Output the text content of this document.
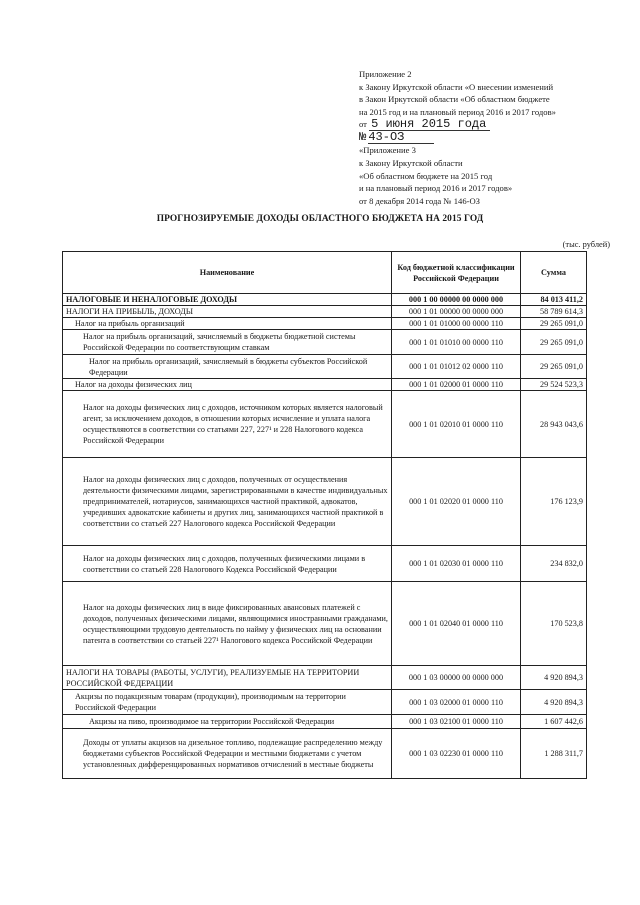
Приложение 2
к Закону Иркутской области «О внесении изменений
в Закон Иркутской области «Об областном бюджете
на 2015 год и на плановый период 2016 и 2017 годов»
от 5 июня 2015 года
№ 43-ОЗ
«Приложение 3
к Закону Иркутской области
«Об областном бюджете на 2015 год
и на плановый период 2016 и 2017 годов»
от 8 декабря 2014 года № 146-ОЗ
ПРОГНОЗИРУЕМЫЕ ДОХОДЫ ОБЛАСТНОГО БЮДЖЕТА НА 2015 ГОД
(тыс. рублей)
Наименование	Код бюджетной классификации Российской Федерации	Сумма
НАЛОГОВЫЕ И НЕНАЛОГОВЫЕ ДОХОДЫ	000 1 00 00000 00 0000 000	84 013 411,2
НАЛОГИ НА ПРИБЫЛЬ, ДОХОДЫ	000 1 01 00000 00 0000 000	58 789 614,3
Налог на прибыль организаций	000 1 01 01000 00 0000 110	29 265 091,0
Налог на прибыль организаций, зачисляемый в бюджеты бюджетной системы Российской Федерации по соответствующим ставкам	000 1 01 01010 00 0000 110	29 265 091,0
Налог на прибыль организаций, зачисляемый в бюджеты субъектов Российской Федерации	000 1 01 01012 02 0000 110	29 265 091,0
Налог на доходы физических лиц	000 1 01 02000 01 0000 110	29 524 523,3
Налог на доходы физических лиц с доходов, источником которых является налоговый агент, за исключением доходов, в отношении которых исчисление и уплата налога осуществляются в соответствии со статьями 227, 227¹ и 228 Налогового кодекса Российской Федерации	000 1 01 02010 01 0000 110	28 943 043,6
Налог на доходы физических лиц с доходов, полученных от осуществления деятельности физическими лицами, зарегистрированными в качестве индивидуальных предпринимателей, нотариусов, занимающихся частной практикой, адвокатов, учредивших адвокатские кабинеты и других лиц, занимающихся частной практикой в соответствии со статьей 227 Налогового кодекса Российской Федерации	000 1 01 02020 01 0000 110	176 123,9
Налог на доходы физических лиц с доходов, полученных физическими лицами в соответствии со статьей 228 Налогового Кодекса Российской Федерации	000 1 01 02030 01 0000 110	234 832,0
Налог на доходы физических лиц в виде фиксированных авансовых платежей с доходов, полученных физическими лицами, являющимися иностранными гражданами, осуществляющими трудовую деятельность по найму у физических лиц на основании патента в соответствии со статьей 227¹ Налогового кодекса Российской Федерации	000 1 01 02040 01 0000 110	170 523,8
НАЛОГИ НА ТОВАРЫ (РАБОТЫ, УСЛУГИ), РЕАЛИЗУЕМЫЕ НА ТЕРРИТОРИИ РОССИЙСКОЙ ФЕДЕРАЦИИ	000 1 03 00000 00 0000 000	4 920 894,3
Акцизы по подакцизным товарам (продукции), производимым на территории Российской Федерации	000 1 03 02000 01 0000 110	4 920 894,3
Акцизы на пиво, производимое на территории Российской Федерации	000 1 03 02100 01 0000 110	1 607 442,6
Доходы от уплаты акцизов на дизельное топливо, подлежащие распределению между бюджетами субъектов Российской Федерации и местными бюджетами с учетом установленных дифференцированных нормативов отчислений в местные бюджеты	000 1 03 02230 01 0000 110	1 288 311,7
